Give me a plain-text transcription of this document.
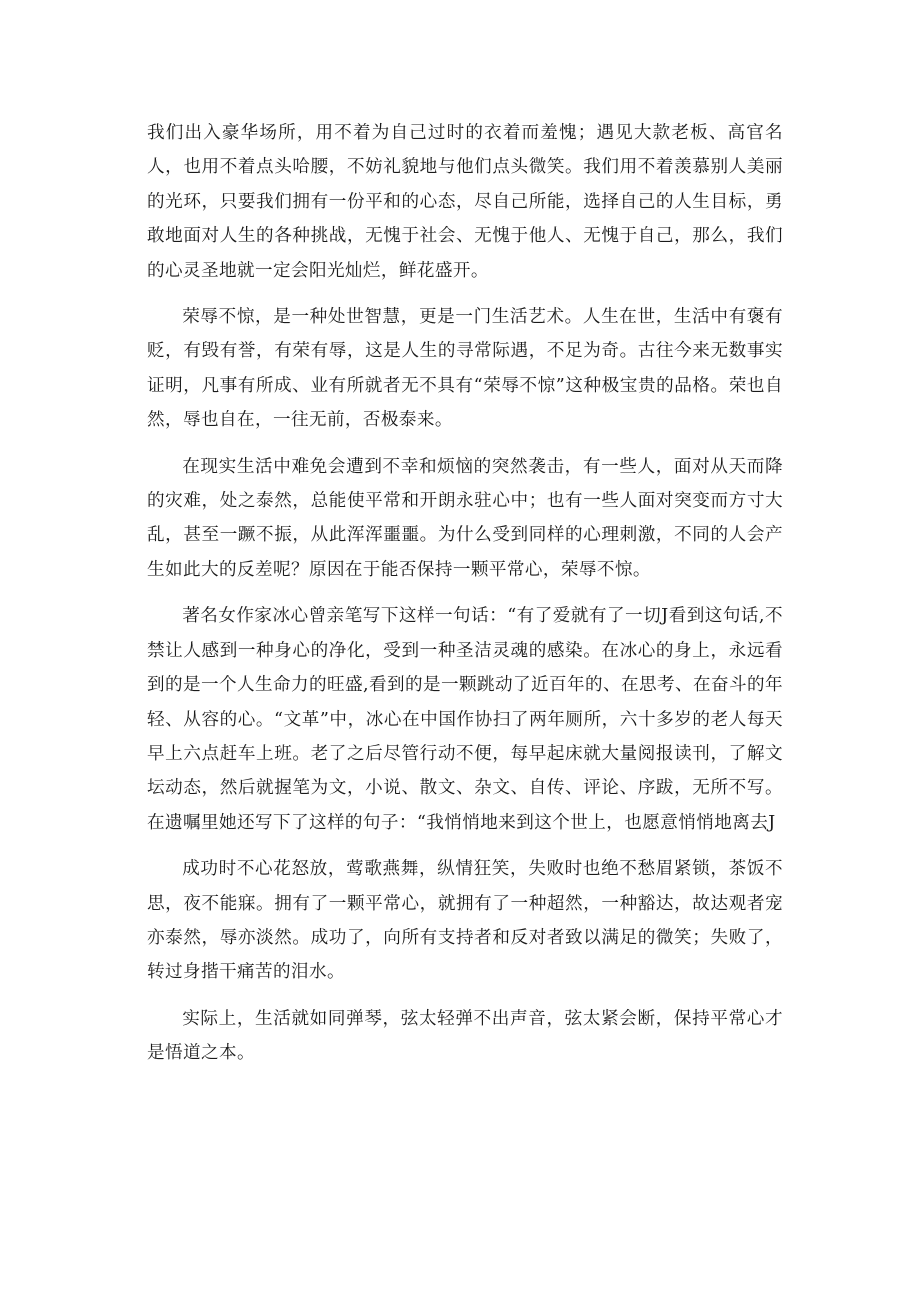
我们出入豪华场所，用不着为自己过时的衣着而羞愧；遇见大款老板、高官名人，也用不着点头哈腰，不妨礼貌地与他们点头微笑。我们用不着羡慕别人美丽的光环，只要我们拥有一份平和的心态，尽自己所能，选择自己的人生目标，勇敢地面对人生的各种挑战，无愧于社会、无愧于他人、无愧于自己，那么，我们的心灵圣地就一定会阳光灿烂，鲜花盛开。

荣辱不惊，是一种处世智慧，更是一门生活艺术。人生在世，生活中有褒有贬，有毁有誉，有荣有辱，这是人生的寻常际遇，不足为奇。古往今来无数事实证明，凡事有所成、业有所就者无不具有“荣辱不惊”这种极宝贵的品格。荣也自然，辱也自在，一往无前，否极泰来。

在现实生活中难免会遭到不幸和烦恼的突然袭击，有一些人，面对从天而降的灾难，处之泰然，总能使平常和开朗永驻心中；也有一些人面对突变而方寸大乱，甚至一蹶不振，从此浑浑噩噩。为什么受到同样的心理刺激，不同的人会产生如此大的反差呢？原因在于能否保持一颗平常心，荣辱不惊。

著名女作家冰心曾亲笔写下这样一句话：“有了爱就有了一切J看到这句话,不禁让人感到一种身心的净化，受到一种圣洁灵魂的感染。在冰心的身上，永远看到的是一个人生命力的旺盛,看到的是一颗跳动了近百年的、在思考、在奋斗的年轻、从容的心。“文革”中，冰心在中国作协扫了两年厕所，六十多岁的老人每天早上六点赶车上班。老了之后尽管行动不便，每早起床就大量阅报读刊，了解文坛动态，然后就握笔为文，小说、散文、杂文、自传、评论、序跋，无所不写。在遗嘱里她还写下了这样的句子：“我悄悄地来到这个世上，也愿意悄悄地离去J

成功时不心花怒放，莺歌燕舞，纵情狂笑，失败时也绝不愁眉紧锁，茶饭不思，夜不能寐。拥有了一颗平常心，就拥有了一种超然，一种豁达，故达观者宠亦泰然，辱亦淡然。成功了，向所有支持者和反对者致以满足的微笑；失败了，转过身揩干痛苦的泪水。

实际上，生活就如同弹琴，弦太轻弹不出声音，弦太紧会断，保持平常心才是悟道之本。
